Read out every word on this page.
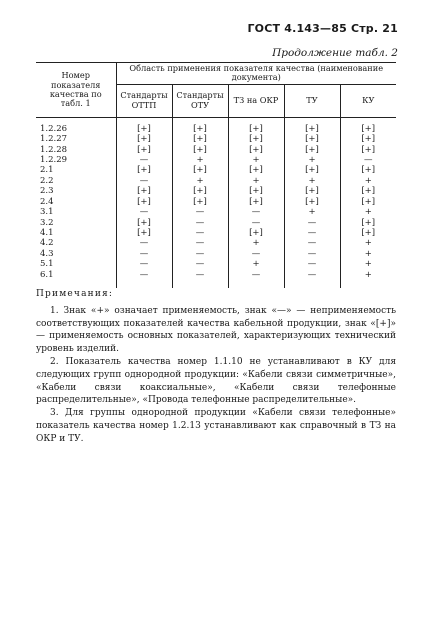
ГОСТ 4.143—85 Стр. 21
Продолжение табл. 2
Номер показателя качества по табл. 1	Область применения показателя качества (наименование документа)				
	Стандарты ОТТП	Стандарты ОТУ	ТЗ на ОКР	ТУ	КУ

1.2.26	[+]	[+]	[+]	[+]	[+]
1.2.27	[+]	[+]	[+]	[+]	[+]
1.2.28	[+]	[+]	[+]	[+]	[+]
1.2.29	—	+	+	+	—
2.1	[+]	[+]	[+]	[+]	[+]
2.2	—	+	+	+	+
2.3	[+]	[+]	[+]	[+]	[+]
2.4	[+]	[+]	[+]	[+]	[+]
3.1	—	—	—	+	+
3.2	[+]	—	—	—	[+]
4.1	[+]	—	[+]	—	[+]
4.2	—	—	+	—	+
4.3	—	—	—	—	+
5.1	—	—	+	—	+
6.1	—	—	—	—	+

Примечания:

1. Знак «+» означает применяемость, знак «—» — неприменяемость соответствующих показателей качества кабельной продукции, знак «[+]» — применяемость основных показателей, характеризующих технический уровень изделий.

2. Показатель качества номер 1.1.10 не устанавливают в КУ для следующих групп однородной продукции: «Кабели связи симметричные», «Кабели связи коаксиальные», «Кабели связи телефонные распределительные», «Провода телефонные распределительные».

3. Для группы однородной продукции «Кабели связи телефонные» показатель качества номер 1.2.13 устанавливают как справочный в ТЗ на ОКР и ТУ.
